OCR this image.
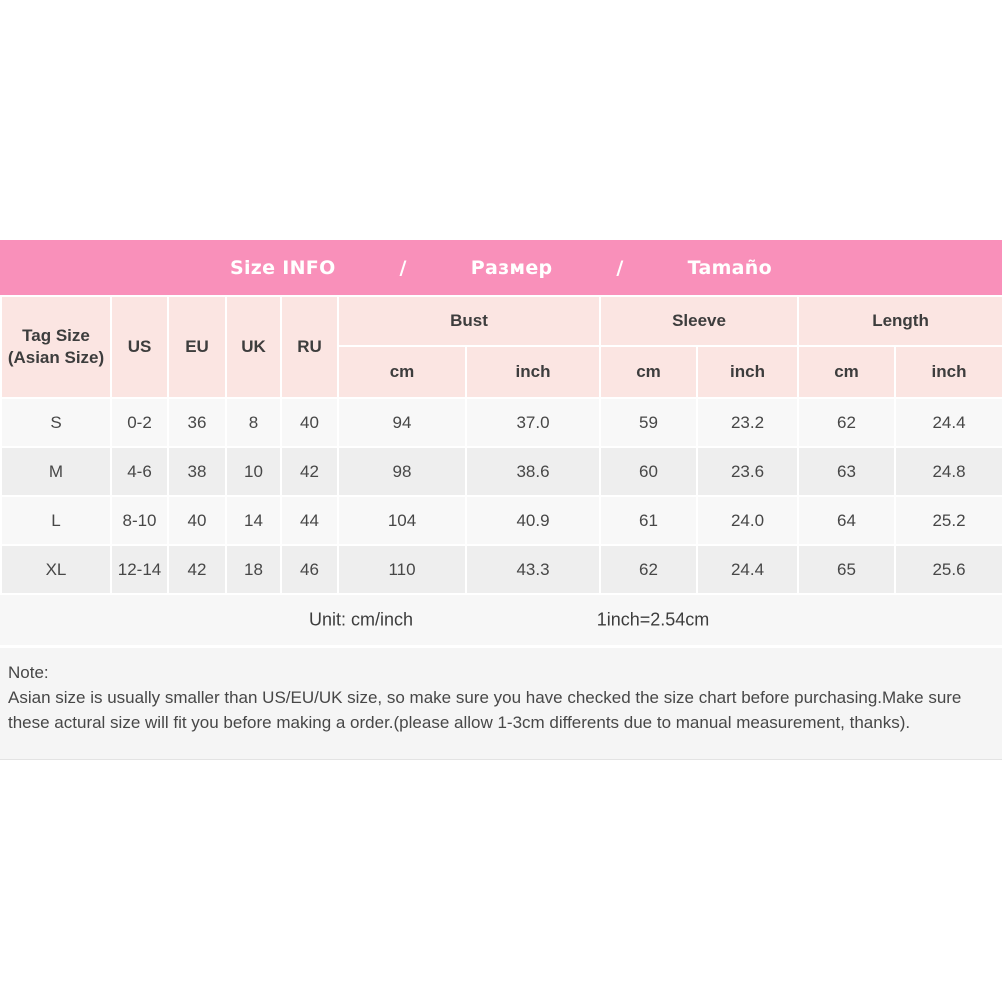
Size INFO	/	Размер	/	Tamaño
Tag Size
(Asian Size)	US	EU	UK	RU	Bust		Sleeve		Length	
					cm	inch	cm	inch	cm	inch
S	0-2	36	8	40	94	37.0	59	23.2	62	24.4
M	4-6	38	10	42	98	38.6	60	23.6	63	24.8
L	8-10	40	14	44	104	40.9	61	24.0	64	25.2
XL	12-14	42	18	46	110	43.3	62	24.4	65	25.6
Unit: cm/inch	1inch=2.54cm
Note:
Asian size is usually smaller than US/EU/UK size, so make sure you have checked the size chart before purchasing.Make sure these actural size will fit you before making a order.(please allow 1-3cm differents due to manual measurement, thanks).
